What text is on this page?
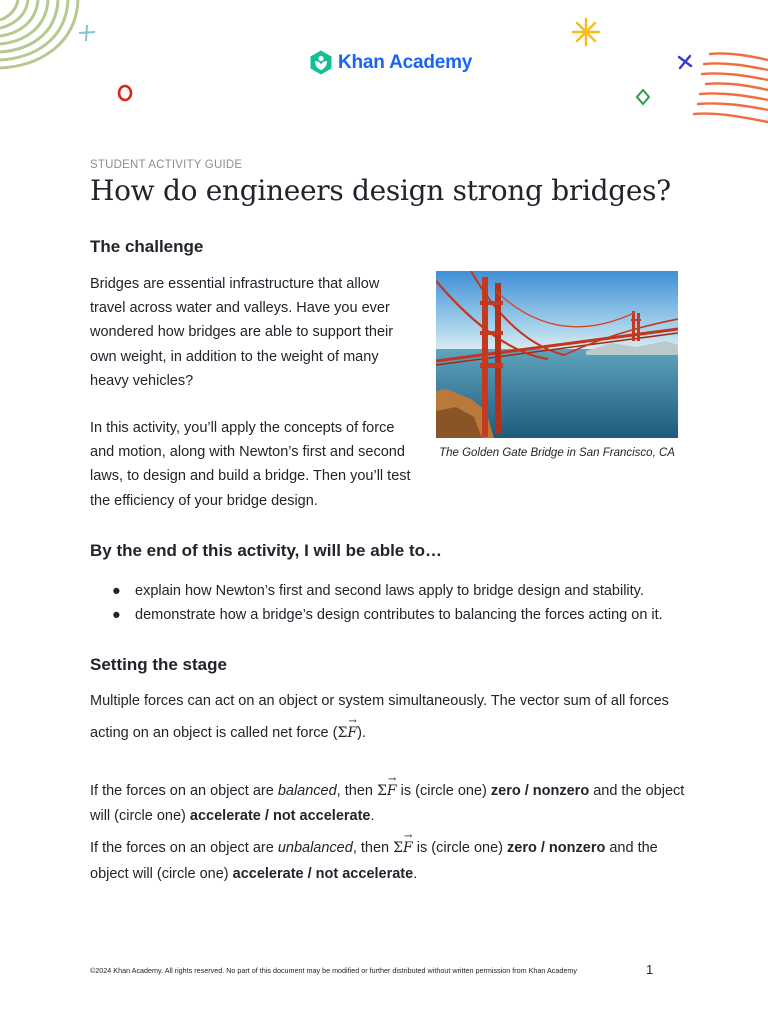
Khan Academy
STUDENT ACTIVITY GUIDE
How do engineers design strong bridges?
The challenge

Bridges are essential infrastructure that allow travel across water and valleys. Have you ever wondered how bridges are able to support their own weight, in addition to the weight of many heavy vehicles?

In this activity, you’ll apply the concepts of force and motion, along with Newton’s first and second laws, to design and build a bridge. Then you’ll test the efficiency of your bridge design.

The Golden Gate Bridge in San Francisco, CA
By the end of this activity, I will be able to…
● explain how Newton’s first and second laws apply to bridge design and stability.
● demonstrate how a bridge’s design contributes to balancing the forces acting on it.
Setting the stage
Multiple forces can act on an object or system simultaneously. The vector sum of all forces
acting on an object is called net force (ΣF
→
).
If the forces on an object are balanced, then ΣF
→
is (circle one) zero / nonzero and the object
will (circle one) accelerate / not accelerate.
If the forces on an object are unbalanced, then ΣF
→
is (circle one) zero / nonzero and the
object will (circle one) accelerate / not accelerate.
©2024 Khan Academy. All rights reserved. No part of this document may be modified or further distributed without written permission from Khan Academy	1
